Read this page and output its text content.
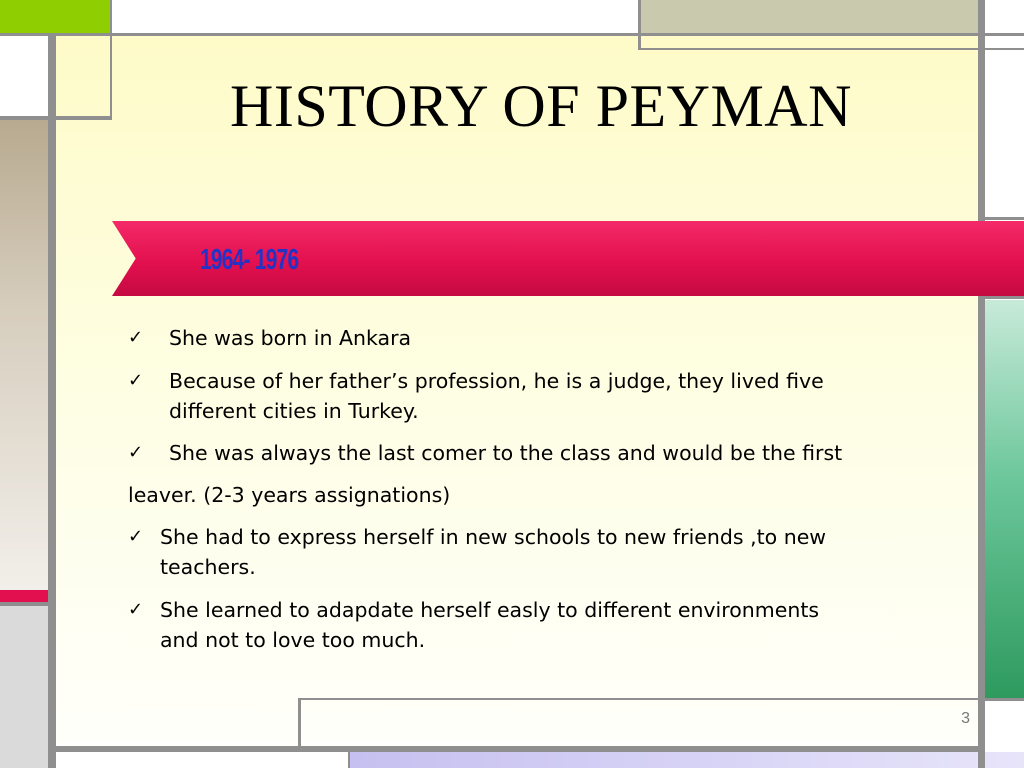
HISTORY OF PEYMAN
1964- 1976
✓ She was born in Ankara
✓ Because of her father’s profession, he is a judge, they lived five
different cities in Turkey.
✓ She was always the last comer to the class and would be the first
leaver. (2-3 years assignations)
✓ She had to express herself in new schools to new friends ,to new
teachers.
✓ She learned to adapdate herself easly to different environments
and not to love too much.
3
